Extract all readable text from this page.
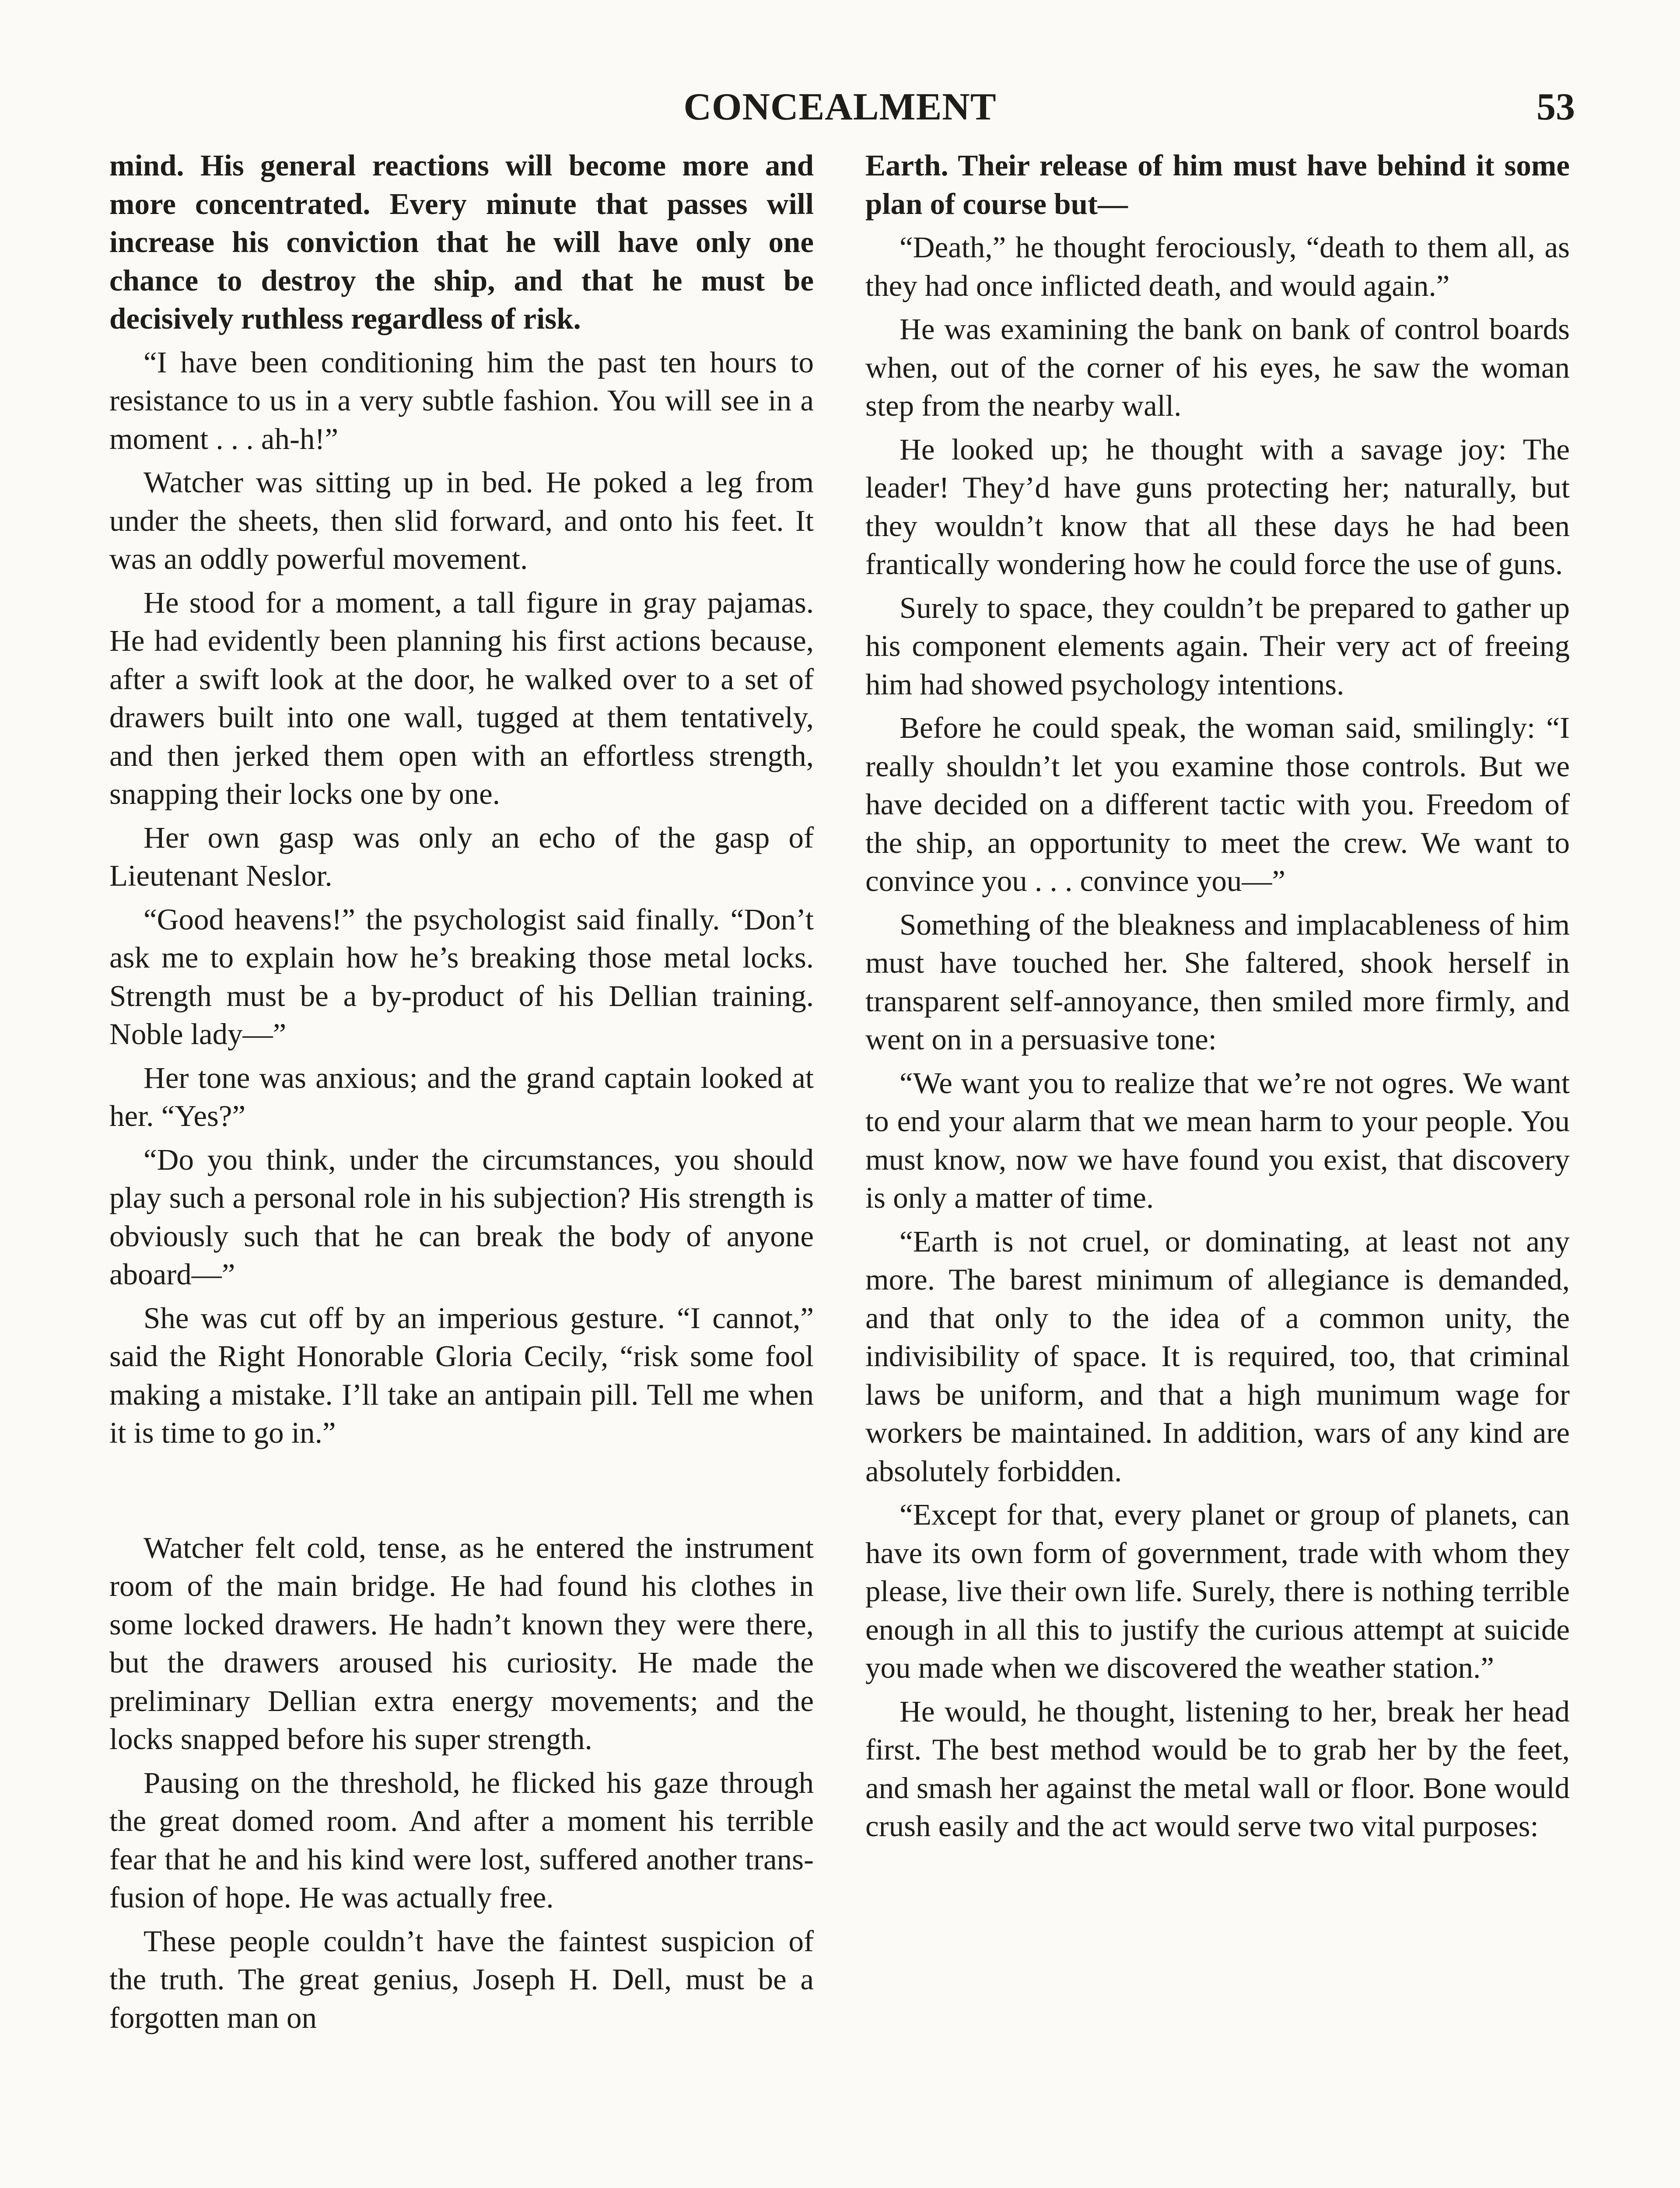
CONCEALMENT	53

mind. His general reactions will become more and more concentrated. Every minute that passes will increase his conviction that he will have only one chance to destroy the ship, and that he must be decisively ruthless regardless of risk.

“I have been conditioning him the past ten hours to resistance to us in a very subtle fashion. You will see in a moment . . . ah-h!”

Watcher was sitting up in bed. He poked a leg from under the sheets, then slid forward, and onto his feet. It was an oddly powerful movement.

He stood for a moment, a tall figure in gray pajamas. He had evidently been planning his first actions because, after a swift look at the door, he walked over to a set of drawers built into one wall, tugged at them tentatively, and then jerked them open with an effortless strength, snapping their locks one by one.

Her own gasp was only an echo of the gasp of Lieutenant Neslor.

“Good heavens!” the psychologist said finally. “Don’t ask me to explain how he’s breaking those metal locks. Strength must be a by-product of his Dellian training. Noble lady—”

Her tone was anxious; and the grand captain looked at her. “Yes?”

“Do you think, under the circumstances, you should play such a personal role in his subjection? His strength is obviously such that he can break the body of anyone aboard—”

She was cut off by an imperious gesture. “I cannot,” said the Right Honorable Gloria Cecily, “risk some fool making a mistake. I’ll take an antipain pill. Tell me when it is time to go in.”

Watcher felt cold, tense, as he entered the instrument room of the main bridge. He had found his clothes in some locked drawers. He hadn’t known they were there, but the drawers aroused his curiosity. He made the preliminary Dellian extra energy movements; and the locks snapped before his super strength.

Pausing on the threshold, he flicked his gaze through the great domed room. And after a moment his terrible fear that he and his kind were lost, suffered another transfusion of hope. He was actually free.

These people couldn’t have the faintest suspicion of the truth. The great genius, Joseph H. Dell, must be a forgotten man on

Earth. Their release of him must have behind it some plan of course but—

“Death,” he thought ferociously, “death to them all, as they had once inflicted death, and would again.”

He was examining the bank on bank of control boards when, out of the corner of his eyes, he saw the woman step from the nearby wall.

He looked up; he thought with a savage joy: The leader! They’d have guns protecting her; naturally, but they wouldn’t know that all these days he had been frantically wondering how he could force the use of guns.

Surely to space, they couldn’t be prepared to gather up his component elements again. Their very act of freeing him had showed psychology intentions.

Before he could speak, the woman said, smilingly: “I really shouldn’t let you examine those controls. But we have decided on a different tactic with you. Freedom of the ship, an opportunity to meet the crew. We want to convince you . . . convince you—”

Something of the bleakness and implacableness of him must have touched her. She faltered, shook herself in transparent self-annoyance, then smiled more firmly, and went on in a persuasive tone:

“We want you to realize that we’re not ogres. We want to end your alarm that we mean harm to your people. You must know, now we have found you exist, that discovery is only a matter of time.

“Earth is not cruel, or dominating, at least not any more. The barest minimum of allegiance is demanded, and that only to the idea of a common unity, the indivisibility of space. It is required, too, that criminal laws be uniform, and that a high munimum wage for workers be maintained. In addition, wars of any kind are absolutely forbidden.

“Except for that, every planet or group of planets, can have its own form of government, trade with whom they please, live their own life. Surely, there is nothing terrible enough in all this to justify the curious attempt at suicide you made when we discovered the weather station.”

He would, he thought, listening to her, break her head first. The best method would be to grab her by the feet, and smash her against the metal wall or floor. Bone would crush easily and the act would serve two vital purposes:
